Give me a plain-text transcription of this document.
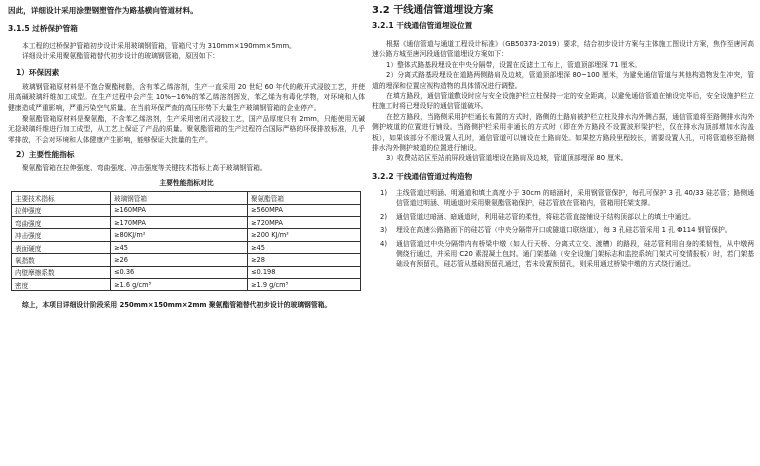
因此，详细设计采用涂塑钢塑管作为路基横向管道材料。

3.1.5 过桥保护管箱

本工程的过桥保护管箱初步设计采用玻璃钢管箱，管箱尺寸为 310mm×190mm×5mm。

详细设计采用聚氨酯管箱替代初步设计的玻璃钢管箱，原因如下：

1）环保因素

玻璃钢管箱原材料是不饱合聚酯树脂，含有苯乙烯溶剂，生产一直采用 20 世纪 60 年代的敞开式浸胶工艺，并使用高碱玻璃纤维加工成型。在生产过程中会产生 10%~16%的苯乙烯溶剂挥发，苯乙烯为有毒化学物，对环境和人体健康造成严重影响，严重污染空气质量。在当前环保严查的高压形势下大量生产玻璃钢管箱的企业停产。

聚氨酯管箱原材料是聚氨酯，不含苯乙烯溶剂，生产采用密闭式浸胶工艺，国产品厚度只有 2mm，只能使用无碱无捻玻璃纤维进行加工成型，从工艺上保证了产品的质量。聚氨酯管箱的生产过程符合国际严格的环保排放标准，几乎零排放，不会对环境和人体健康产生影响，能够保证大批量的生产。

2）主要性能指标

聚氨酯管箱在拉伸强度、弯曲强度、冲击强度等关键技术指标上高于玻璃钢管箱。

主要性能指标对比

主要技术指标	玻璃钢管箱	聚氨酯管箱
拉伸强度	≥160MPA	≥560MPA
弯曲强度	≥170MPA	≥720MPA
冲击强度	≥80KJ/m²	≥200 KJ/m²
表面硬度	≥45	≥45
氧指数	≥26	≥28
内壁摩擦系数	≤0.36	≤0.198
密度	≥1.6 g/cm³	≥1.9 g/cm³

综上，本项目详细设计阶段采用 250mm×150mm×2mm 聚氨酯管箱替代初步设计的玻璃钢管箱。

3.2 干线通信管道埋设方案

3.2.1 干线通信管道埋设位置

根据《通信管道与通道工程设计标准》（GB50373-2019）要求，结合初步设计方案与主体施工图设计方案，焦作至唐河高速公路方城至唐河段通信管道埋设方案如下：

1）整体式路基段埋设在中央分隔带，设置在反滤土工布上，管道顶部埋深 71 厘米。

2）分离式路基段埋设在道路两侧路肩及边坡，管道顶部埋深 80~100 厘米，为避免通信管道与其他构造物发生冲突，管道的埋深和位置应视构造物的具体情况进行调整。

在填方路段，通信管道敷设时应与安全设施护栏立柱保持一定的安全距离，以避免通信管道在铺设完毕后，安全设施护栏立柱施工时将已埋设好的通信管道破坏。

在挖方路段，当路侧采用护栏通长布置的方式时，路侧的土路肩被护栏立柱及排水沟外侧占据，通信管道将至路侧排水沟外侧护坡道的位置进行铺设。当路侧护栏采用非通长的方式时（即在外方路段不设置波形梁护栏，仅在排水沟顶部增加水沟盖板），如果该部分不需设置人孔时，通信管道可以铺设在土路肩处。如果挖方路段里程较长，需要设置人孔，可将管道移至路侧排水沟外侧护坡道的位置进行铺设。

3）收费站站区至站前屏段通信管道埋设在路肩及边坡，管道顶部埋深 80 厘米。

3.2.2 干线通信管道过构造物

1) 主线管道过明涵、明通道和填土高度小于 30cm 的暗涵时，采用钢管管保护，每孔可保护 3 孔 40/33 硅芯管；路侧通信管道过明涵、明通道时采用聚氨酯管箱保护，硅芯管放在管箱内，管箱用托架支撑。
2) 通信管道过暗涵、暗通道时，利用硅芯管的柔性，将硅芯管直接铺设于结构顶部以上的填土中通过。
3) 埋设在高速公路路面下的硅芯管（中央分隔带开口或隧道口联络道），每 3 孔硅芯管采用 1 孔 Φ114 钢管保护。
4) 通信管道过中央分隔带内有桥梁中墩（如人行天桥、分离式立交、渡槽）的路段，硅芯管利用自身的柔韧性，从中墩两侧绕行通过，并采用 C20 素混凝土包封。通门架基础（安全设施门架标志和监控系统门架式可变情报板）时，若门架基础设有预留孔，硅芯管从基础预留孔通过，若未设置预留孔，则采用通过桥梁中墩的方式绕行通过。
